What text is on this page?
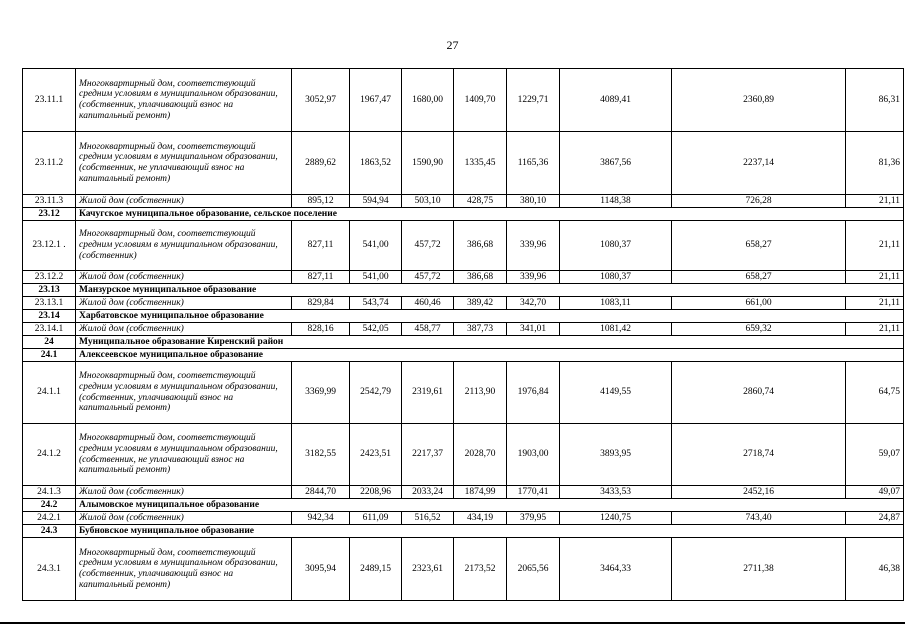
27
23.11.1	Многоквартирный дом, соответствующий средним условиям в муниципальном образовании, (собственник, уплачивающий взнос на капитальный ремонт)	3052,97	1967,47	1680,00	1409,70	1229,71	4089,41	2360,89	86,31
23.11.2	Многоквартирный дом, соответствующий средним условиям в муниципальном образовании, (собственник, не уплачивающий взнос на капитальный ремонт)	2889,62	1863,52	1590,90	1335,45	1165,36	3867,56	2237,14	81,36
23.11.3	Жилой дом (собственник)	895,12	594,94	503,10	428,75	380,10	1148,38	726,28	21,11
23.12	Качугское муниципальное образование, сельское поселение								
23.12.1 .	Многоквартирный дом, соответствующий средним условиям в муниципальном образовании, (собственник)	827,11	541,00	457,72	386,68	339,96	1080,37	658,27	21,11
23.12.2	Жилой дом (собственник)	827,11	541,00	457,72	386,68	339,96	1080,37	658,27	21,11
23.13	Манзурское муниципальное образование								
23.13.1	Жилой дом (собственник)	829,84	543,74	460,46	389,42	342,70	1083,11	661,00	21,11
23.14	Харбатовское муниципальное образование								
23.14.1	Жилой дом (собственник)	828,16	542,05	458,77	387,73	341,01	1081,42	659,32	21,11
24	Муниципальное образование Киренский район								
24.1	Алексеевское муниципальное образование								
24.1.1	Многоквартирный дом, соответствующий средним условиям в муниципальном образовании, (собственник, уплачивающий взнос на капитальный ремонт)	3369,99	2542,79	2319,61	2113,90	1976,84	4149,55	2860,74	64,75
24.1.2	Многоквартирный дом, соответствующий средним условиям в муниципальном образовании, (собственник, не уплачивающий взнос на капитальный ремонт)	3182,55	2423,51	2217,37	2028,70	1903,00	3893,95	2718,74	59,07
24.1.3	Жилой дом (собственник)	2844,70	2208,96	2033,24	1874,99	1770,41	3433,53	2452,16	49,07
24.2	Алымовское муниципальное образование								
24.2.1	Жилой дом (собственник)	942,34	611,09	516,52	434,19	379,95	1240,75	743,40	24,87
24.3	Бубновское муниципальное образование								
24.3.1	Многоквартирный дом, соответствующий средним условиям в муниципальном образовании, (собственник, уплачивающий взнос на капитальный ремонт)	3095,94	2489,15	2323,61	2173,52	2065,56	3464,33	2711,38	46,38
